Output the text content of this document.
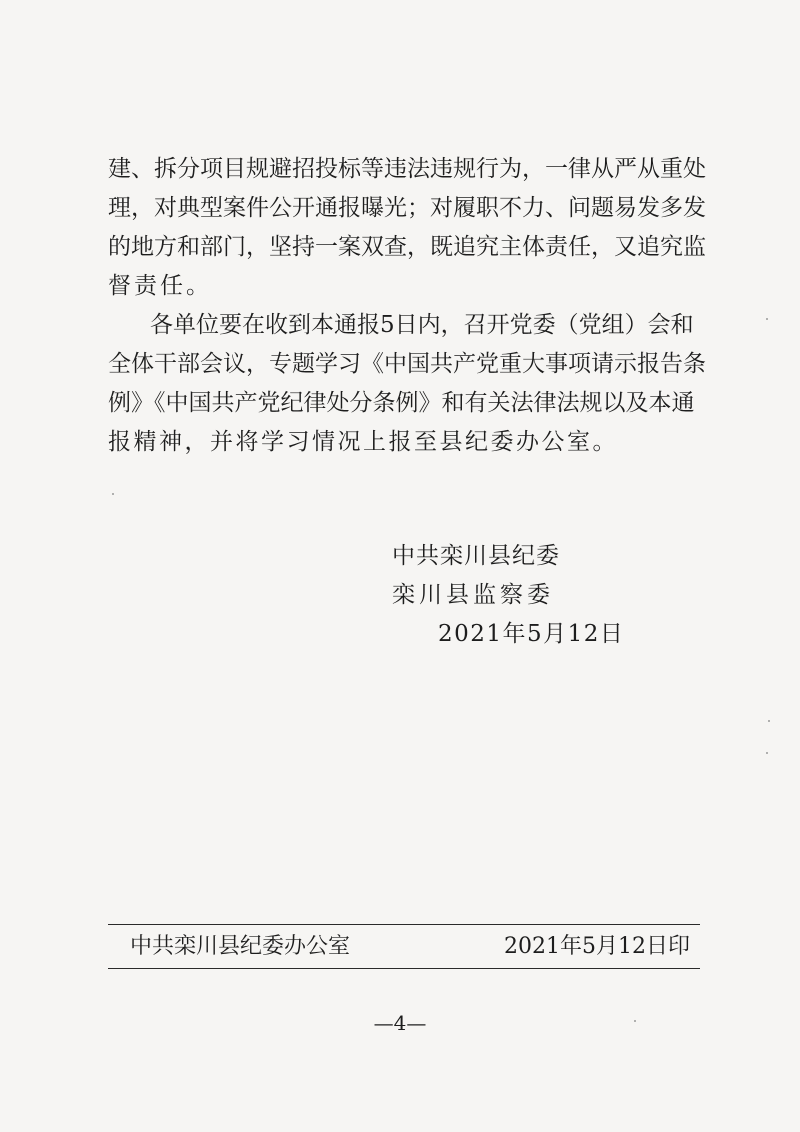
建、拆分项目规避招投标等违法违规行为，一律从严从重处
理，对典型案件公开通报曝光；对履职不力、问题易发多发
的地方和部门，坚持一案双查，既追究主体责任，又追究监
督责任。
各单位要在收到本通报5日内，召开党委（党组）会和
全体干部会议，专题学习《中国共产党重大事项请示报告条
例》《中国共产党纪律处分条例》和有关法律法规以及本通
报精神，并将学习情况上报至县纪委办公室。
中共栾川县纪委
栾川县监察委
2021年5月12日
中共栾川县纪委办公室	2021年5月12日印
—4—
